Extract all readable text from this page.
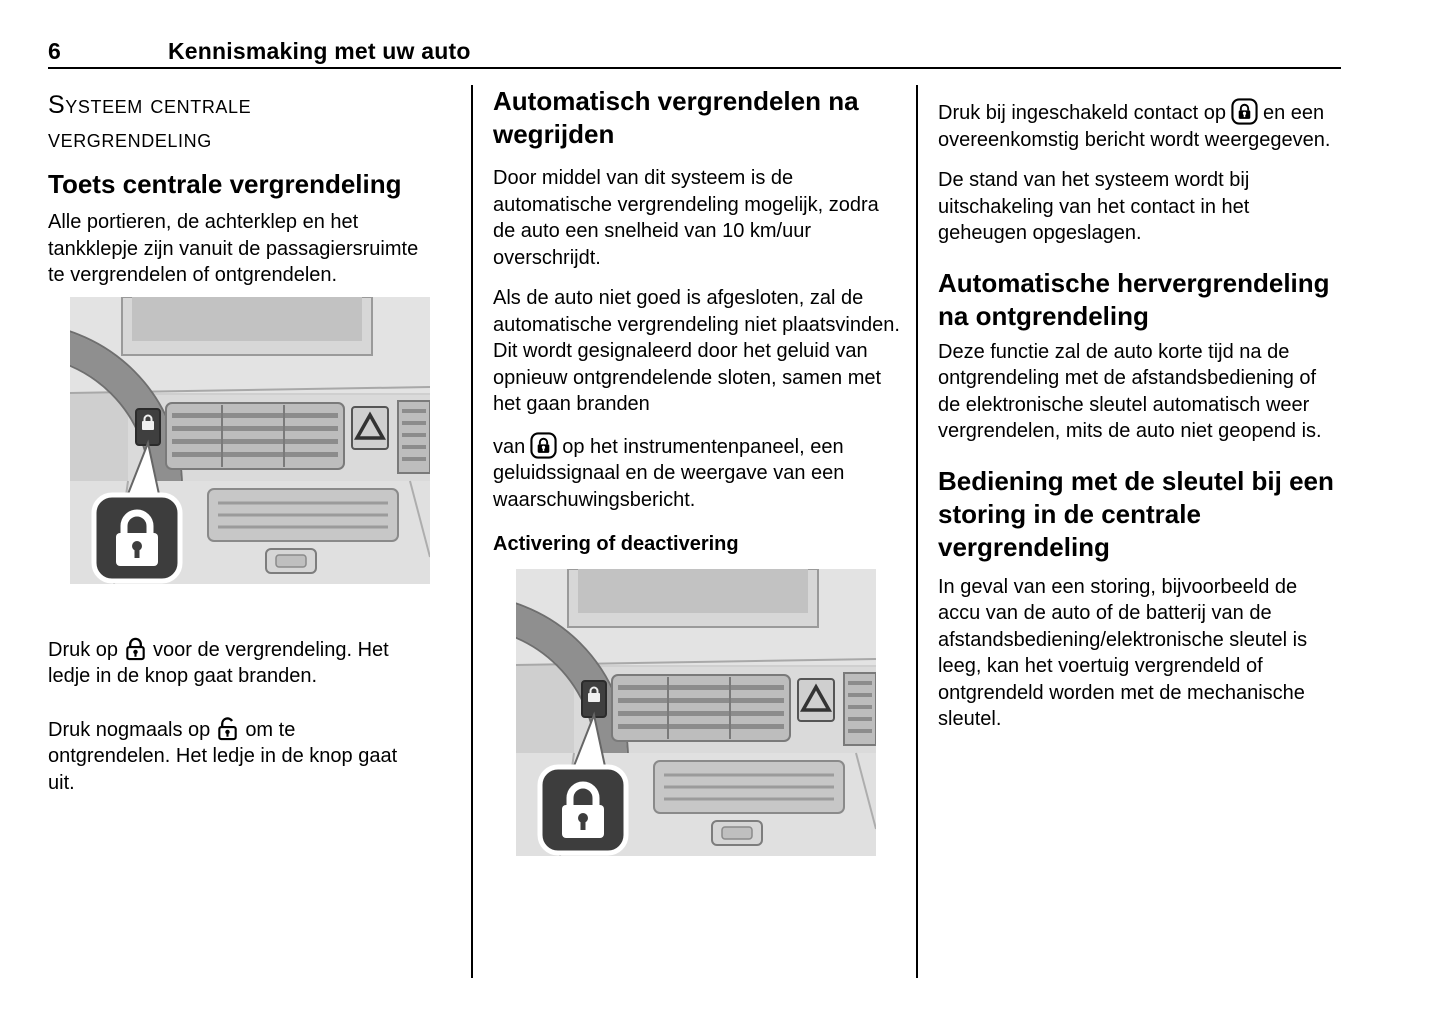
6	Kennismaking met uw auto
Systeem centrale vergrendeling
Toets centrale vergrendeling

Alle portieren, de achterklep en het tankklepje zijn vanuit de passagiersruimte te vergrendelen of ontgrendelen.

Druk op voor de vergrendeling. Het ledje in de knop gaat branden.

Druk nogmaals op om te ontgrendelen. Het ledje in de knop gaat uit.

Automatisch vergrendelen na wegrijden

Door middel van dit systeem is de automatische vergrendeling mogelijk, zodra de auto een snelheid van 10 km/uur overschrijdt.

Als de auto niet goed is afgesloten, zal de automatische vergrendeling niet plaatsvinden. Dit wordt gesignaleerd door het geluid van opnieuw ontgrendelende sloten, samen met het gaan branden

van op het instrumentenpaneel, een geluidssignaal en de weergave van een waarschuwingsbericht.

Activering of deactivering

Druk bij ingeschakeld contact op en een overeenkomstig bericht wordt weergegeven.

De stand van het systeem wordt bij uitschakeling van het contact in het geheugen opgeslagen.

Automatische hervergrendeling na ontgrendeling

Deze functie zal de auto korte tijd na de ontgrendeling met de afstandsbediening of de elektronische sleutel automatisch weer vergrendelen, mits de auto niet geopend is.

Bediening met de sleutel bij een storing in de centrale vergrendeling

In geval van een storing, bijvoorbeeld de accu van de auto of de batterij van de afstandsbediening/elektronische sleutel is leeg, kan het voertuig vergrendeld of ontgrendeld worden met de mechanische sleutel.
